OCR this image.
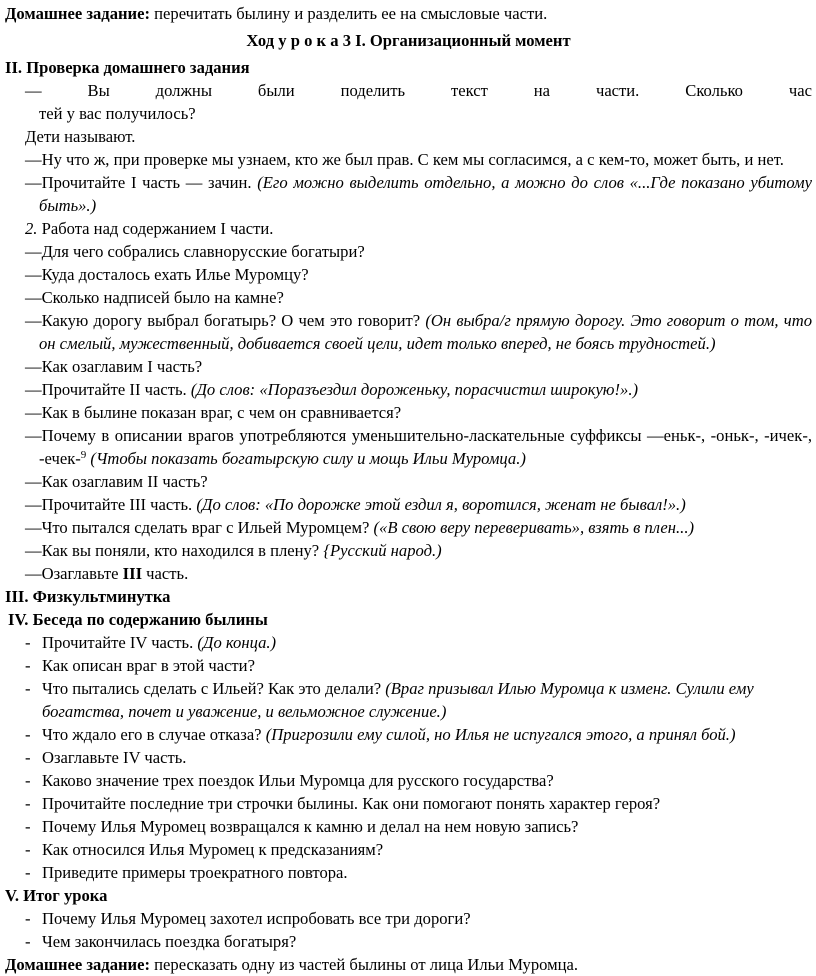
Домашнее задание: перечитать былину и разделить ее на смысловые части.

Ход у р о к а 3 I. Организационный момент

II. Проверка домашнего задания

— Вы должны были поделить текст на части. Сколько час
тей у вас получилось?

Дети называют.

—Ну что ж, при проверке мы узнаем, кто же был прав. С кем мы согласимся, а с кем-то, может быть, и нет.

—Прочитайте I часть — зачин. (Его можно выделить отдельно, а можно до слов «...Где показано убитому быть».)

2. Работа над содержанием I части.

—Для чего собрались славнорусские богатыри?

—Куда досталось ехать Илье Муромцу?

—Сколько надписей было на камне?

—Какую дорогу выбрал богатырь? О чем это говорит? (Он выбра/г прямую дорогу. Это говорит о том, что он смелый, мужественный, добивается своей цели, идет только вперед, не боясь трудностей.)

—Как озаглавим I часть?

—Прочитайте II часть. (До слов: «Поразъездил дороженьку, порасчистил широкую!».)

—Как в былине показан враг, с чем он сравнивается?

—Почему в описании врагов употребляются уменьшительно-ласкательные суффиксы —еньк-, -оньк-, -ичек-, -ечек-$^9$ (Чтобы показать богатырскую силу и мощь Ильи Муромца.)

—Как озаглавим II часть?

—Прочитайте III часть. (До слов: «По дорожке этой ездил я, воротился, женат не бывал!».)

—Что пытался сделать враг с Ильей Муромцем? («В свою веру переверивать», взять в плен...)

—Как вы поняли, кто находился в плену? {Русский народ.)

—Озаглавьте III часть.

III. Физкультминутка

IV. Беседа по содержанию былины

- Прочитайте IV часть. (До конца.)
- Как описан враг в этой части?
- Что пытались сделать с Ильей? Как это делали? (Враг призывал Илью Муромца к изменг. Сулили ему богатства, почет и уважение, и вельможное служение.)
- Что ждало его в случае отказа? (Пригрозили ему силой, но Илья не испугался этого, а принял бой.)
- Озаглавьте IV часть.
- Каково значение трех поездок Ильи Муромца для русского государства?
- Прочитайте последние три строчки былины. Как они помогают понять характер героя?
- Почему Илья Муромец возвращался к камню и делал на нем новую запись?
- Как относился Илья Муромец к предсказаниям?
- Приведите примеры троекратного повтора.

V. Итог урока

- Почему Илья Муромец захотел испробовать все три дороги?
- Чем закончилась поездка богатыря?

Домашнее задание: пересказать одну из частей былины от лица Ильи Муромца.
